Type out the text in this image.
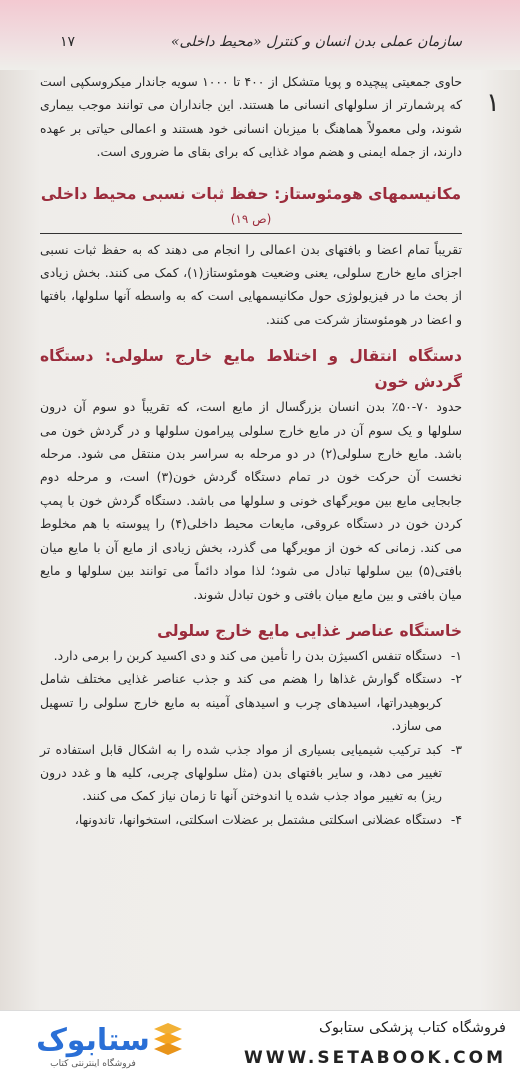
سازمان عملی بدن انسان و کنترل «محیط داخلی»
۱۷
۱

حاوی جمعیتی پیچیده و پویا متشکل از ۴۰۰ تا ۱۰۰۰ سویه جاندار میکروسکپی است که پرشمارتر از سلولهای انسانی ما هستند. این جانداران می توانند موجب بیماری شوند، ولی معمولاً هماهنگ با میزبان انسانی خود هستند و اعمالی حیاتی بر عهده دارند، از جمله ایمنی و هضم مواد غذایی که برای بقای ما ضروری است.

مکانیسمهای هومئوستاز: حفظ ثبات نسبی محیط داخلی (ص ۱۹)

تقریباً تمام اعضا و بافتهای بدن اعمالی را انجام می دهند که به حفظ ثبات نسبی اجزای مایع خارج سلولی، یعنی وضعیت هومئوستاز(۱)، کمک می کنند. بخش زیادی از بحث ما در فیزیولوژی حول مکانیسمهایی است که به واسطه آنها سلولها، بافتها و اعضا در هومئوستاز شرکت می کنند.

دستگاه انتقال و اختلاط مایع خارج سلولی: دستگاه گردش خون

حدود ۷۰-۵۰٪ بدن انسان بزرگسال از مایع است، که تقریباً دو سوم آن درون سلولها و یک سوم آن در مایع خارج سلولی پیرامون سلولها و در گردش خون می باشد. مایع خارج سلولی(۲) در دو مرحله به سراسر بدن منتقل می شود. مرحله نخست آن حرکت خون در تمام دستگاه گردش خون(۳) است، و مرحله دوم جابجایی مایع بین مویرگهای خونی و سلولها می باشد. دستگاه گردش خون با پمپ کردن خون در دستگاه عروقی، مایعات محیط داخلی(۴) را پیوسته با هم مخلوط می کند. زمانی که خون از مویرگها می گذرد، بخش زیادی از مایع آن با مایع میان بافتی(۵) بین سلولها تبادل می شود؛ لذا مواد دائماً می توانند بین سلولها و مایع میان بافتی و بین مایع میان بافتی و خون تبادل شوند.

خاستگاه عناصر غذایی مایع خارج سلولی
۱-
دستگاه تنفس اکسیژن بدن را تأمین می کند و دی اکسید کربن را برمی دارد.
۲-
دستگاه گوارش غذاها را هضم می کند و جذب عناصر غذایی مختلف شامل کربوهیدراتها، اسیدهای چرب و اسیدهای آمینه به مایع خارج سلولی را تسهیل می سازد.
۳-
کبد ترکیب شیمیایی بسیاری از مواد جذب شده را به اشکال قابل استفاده تر تغییر می دهد، و سایر بافتهای بدن (مثل سلولهای چربی، کلیه ها و غدد درون ریز) به تغییر مواد جذب شده یا اندوختن آنها تا زمان نیاز کمک می کنند.
۴-
دستگاه عضلانی اسکلتی مشتمل بر عضلات اسکلتی، استخوانها، تاندونها،
ستابوک
فروشگاه اینترنتی کتاب
فروشگاه کتاب پزشکی ستابوک
WWW.SETABOOK.COM
